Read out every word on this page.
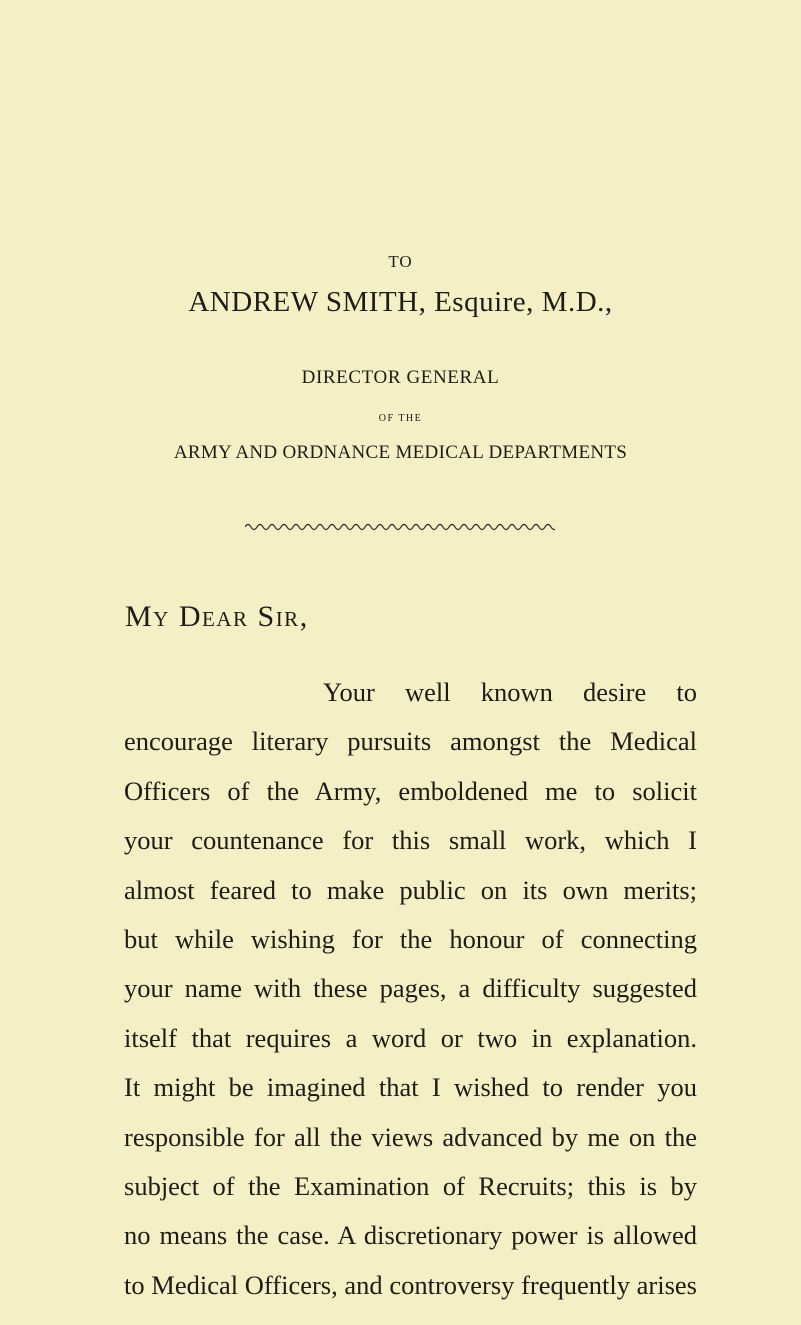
TO
ANDREW SMITH, Esquire, M.D.,
DIRECTOR GENERAL
OF THE
ARMY AND ORDNANCE MEDICAL DEPARTMENTS
My Dear Sir,
Your well known desire to
encourage literary pursuits amongst the Medical
Officers of the Army, emboldened me to solicit
your countenance for this small work, which I
almost feared to make public on its own merits;
but while wishing for the honour of connecting
your name with these pages, a difficulty suggested
itself that requires a word or two in explanation.
It might be imagined that I wished to render you
responsible for all the views advanced by me on the
subject of the Examination of Recruits; this is by
no means the case. A discretionary power is allowed
to Medical Officers, and controversy frequently arises
